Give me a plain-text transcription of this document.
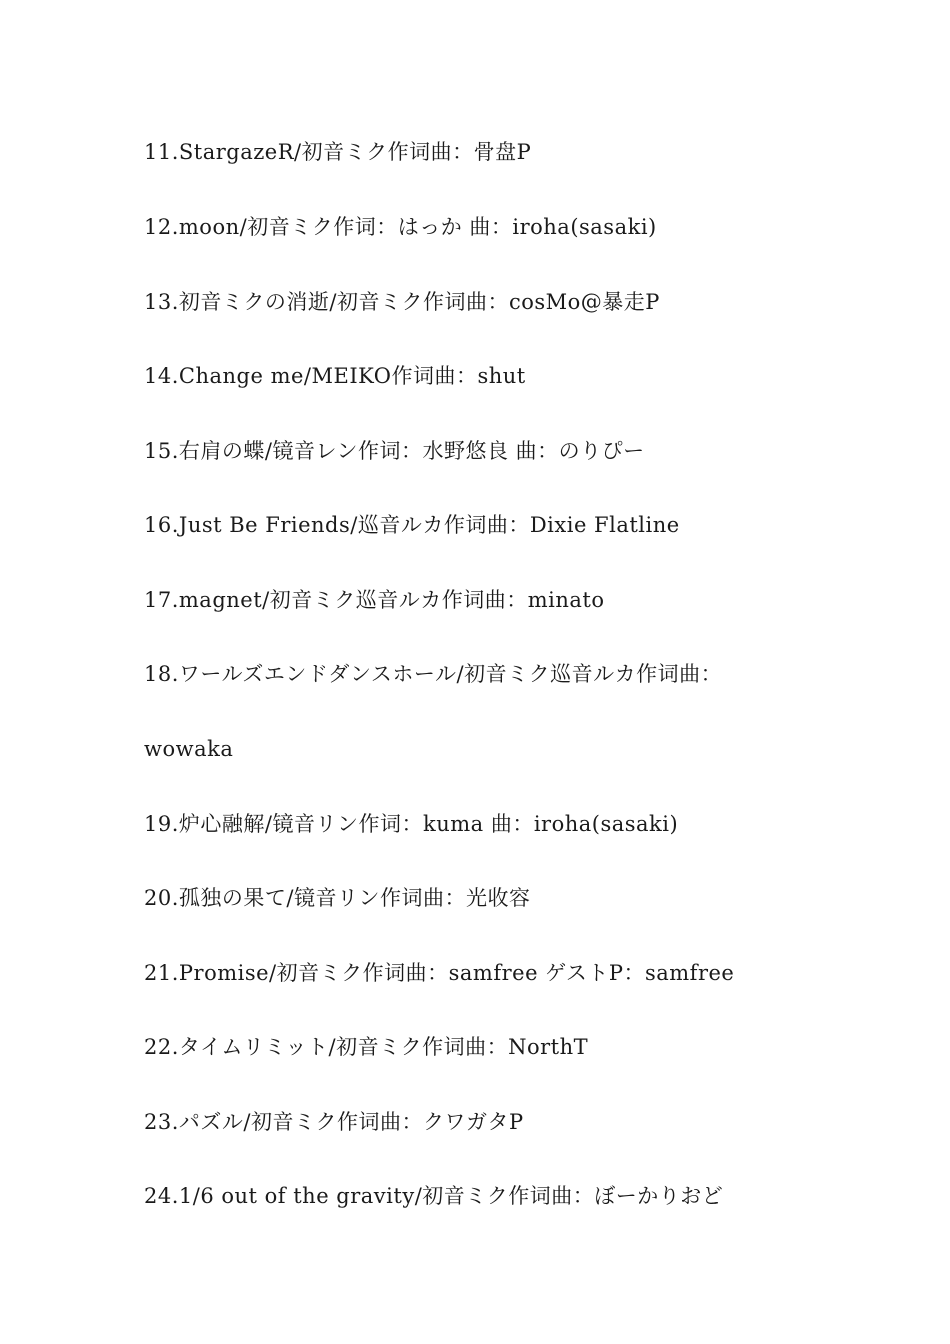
11.StargazeR/初音ミク作词曲：骨盘P
12.moon/初音ミク作词：はっか 曲：iroha(sasaki)
13.初音ミクの消逝/初音ミク作词曲：cosMo@暴走P
14.Change me/MEIKO作词曲：shut
15.右肩の蝶/镜音レン作词：水野悠良 曲：のりぴー
16.Just Be Friends/巡音ルカ作词曲：Dixie Flatline
17.magnet/初音ミク巡音ルカ作词曲：minato
18.ワールズエンドダンスホール/初音ミク巡音ルカ作词曲：
wowaka
19.炉心融解/镜音リン作词：kuma 曲：iroha(sasaki)
20.孤独の果て/镜音リン作词曲：光收容
21.Promise/初音ミク作词曲：samfree ゲストP：samfree
22.タイムリミット/初音ミク作词曲：NorthT
23.パズル/初音ミク作词曲：クワガタP
24.1/6 out of the gravity/初音ミク作词曲：ぼーかりおど
